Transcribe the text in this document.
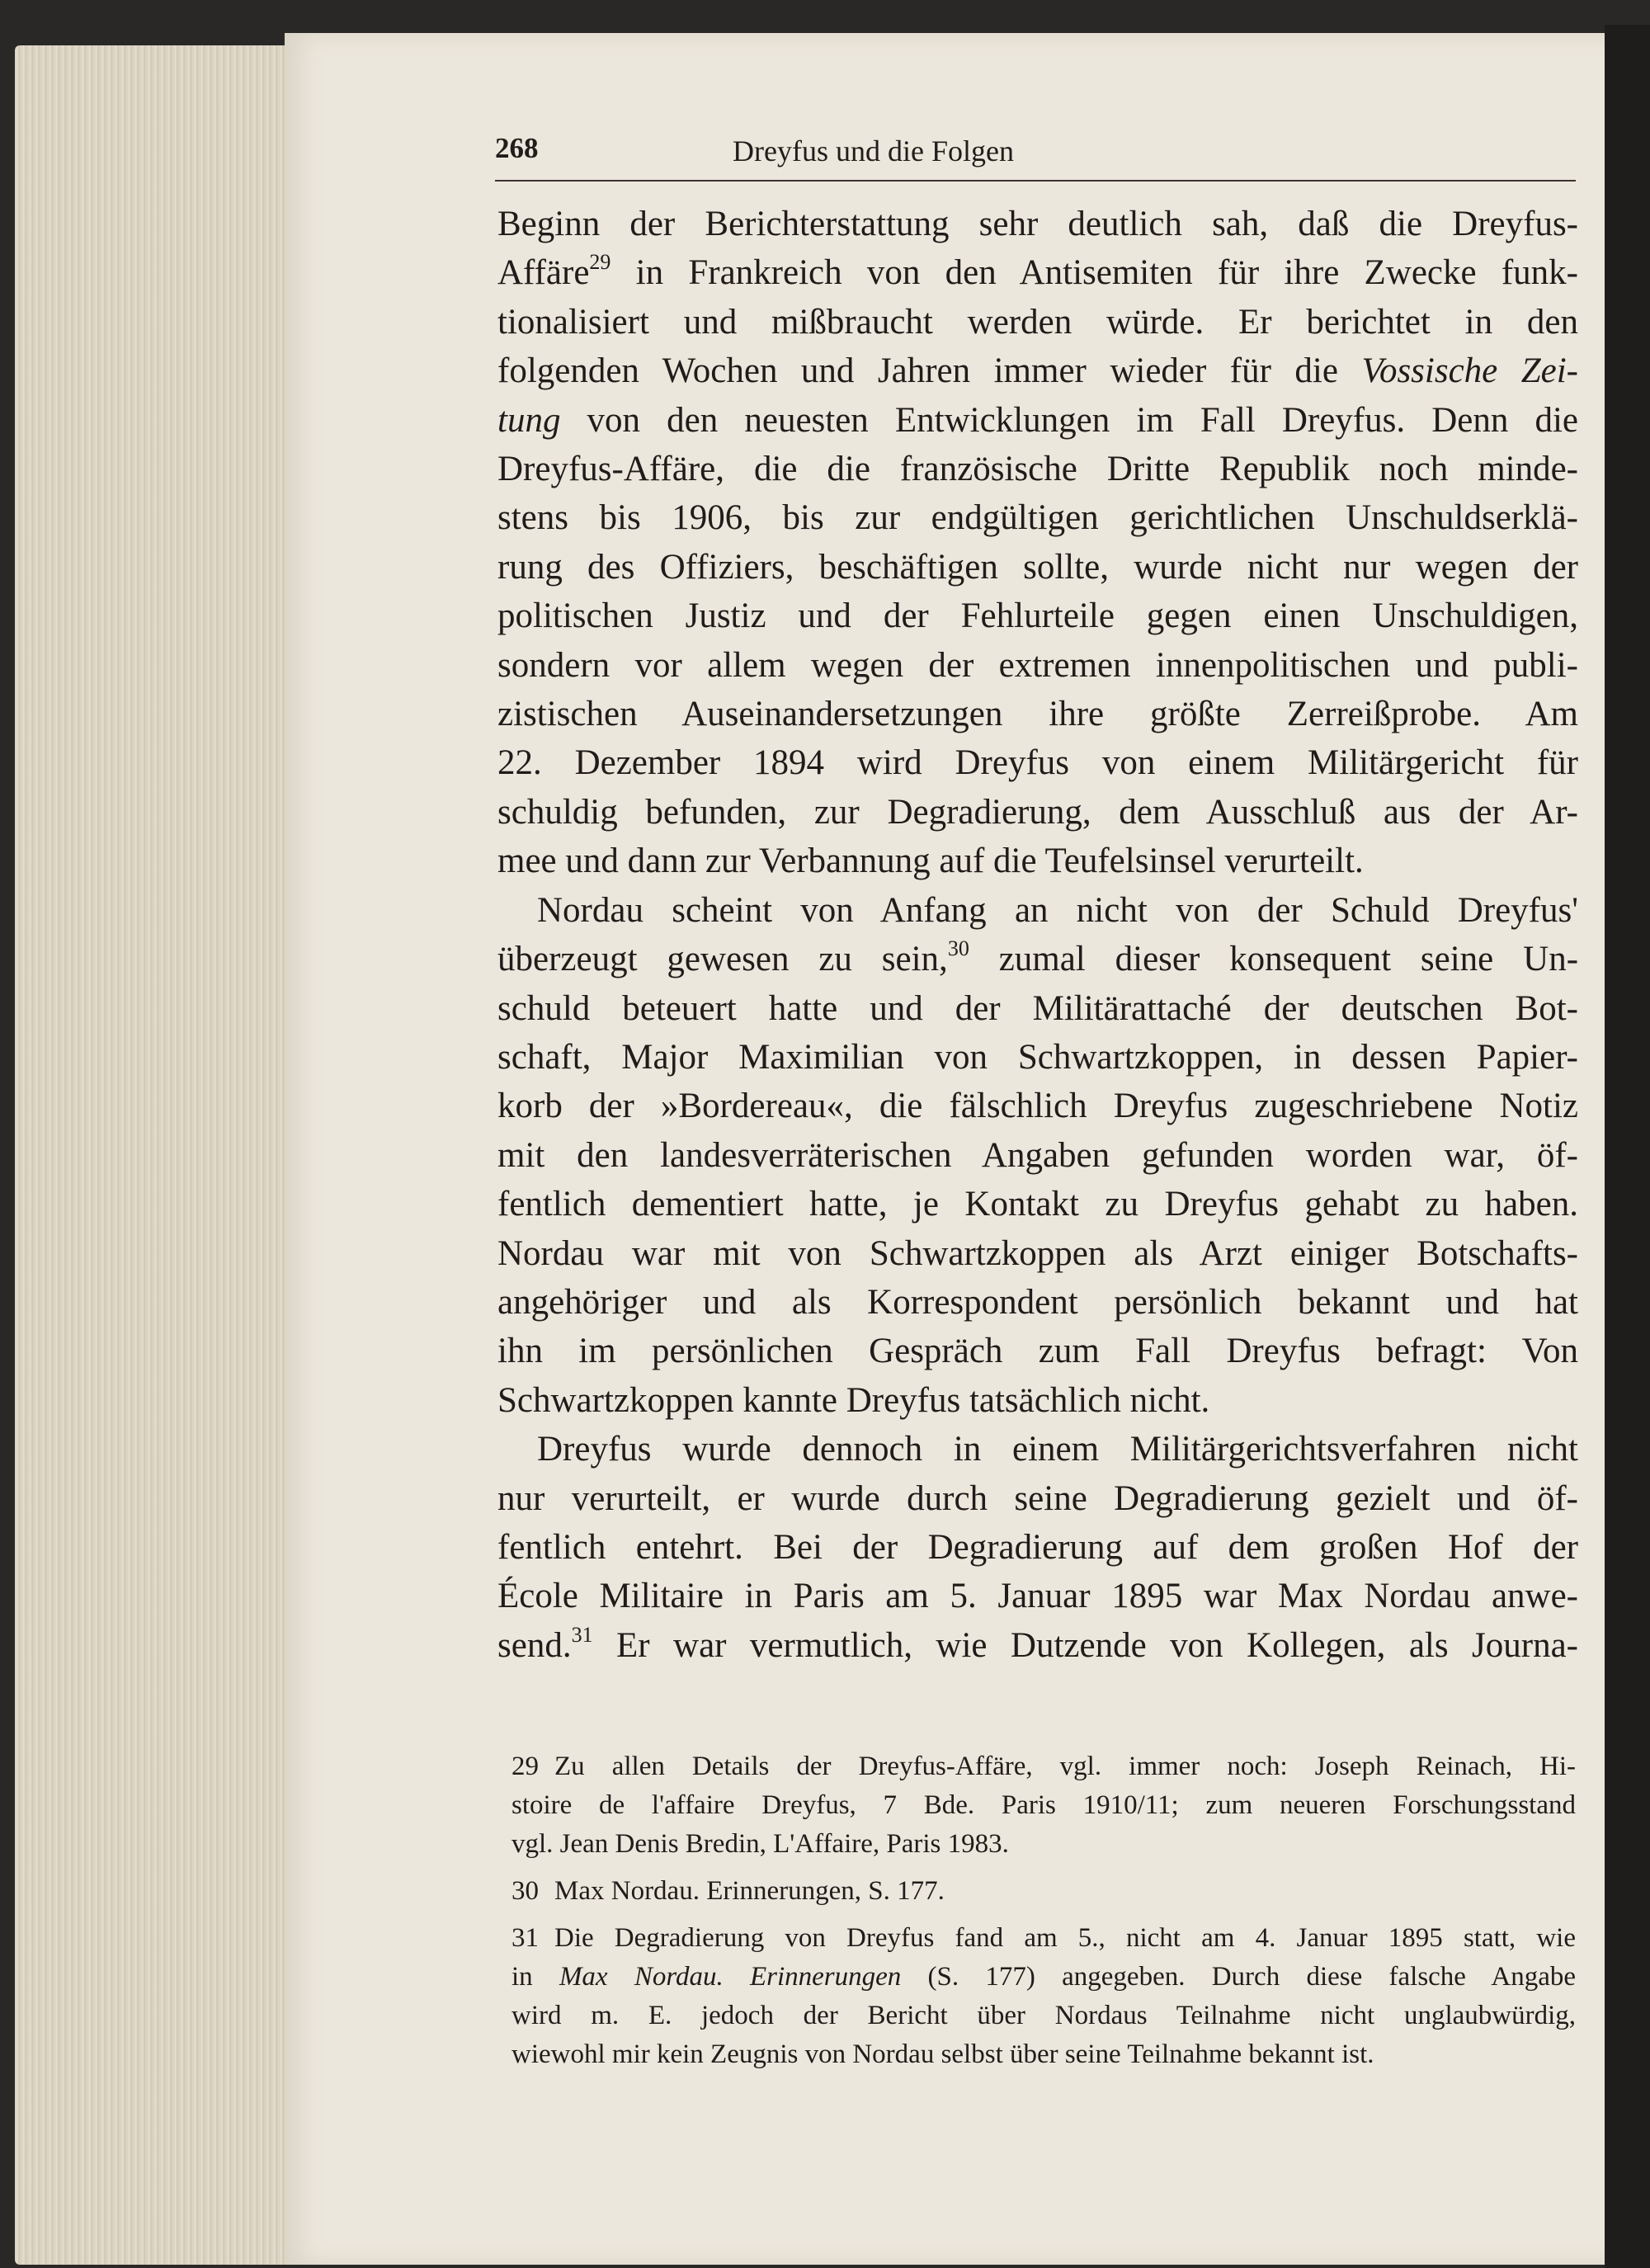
268	Dreyfus und die Folgen
Beginn der Berichterstattung sehr deutlich sah, daß die Dreyfus-
Affäre$^{29}$ in Frankreich von den Antisemiten für ihre Zwecke funk-
tionalisiert und mißbraucht werden würde. Er berichtet in den
folgenden Wochen und Jahren immer wieder für die Vossische Zei-
tung von den neuesten Entwicklungen im Fall Dreyfus. Denn die
Dreyfus-Affäre, die die französische Dritte Republik noch minde-
stens bis 1906, bis zur endgültigen gerichtlichen Unschuldserklä-
rung des Offiziers, beschäftigen sollte, wurde nicht nur wegen der
politischen Justiz und der Fehlurteile gegen einen Unschuldigen,
sondern vor allem wegen der extremen innenpolitischen und publi-
zistischen Auseinandersetzungen ihre größte Zerreißprobe. Am
22. Dezember 1894 wird Dreyfus von einem Militärgericht für
schuldig befunden, zur Degradierung, dem Ausschluß aus der Ar-
mee und dann zur Verbannung auf die Teufelsinsel verurteilt.
Nordau scheint von Anfang an nicht von der Schuld Dreyfus'
überzeugt gewesen zu sein,$^{30}$ zumal dieser konsequent seine Un-
schuld beteuert hatte und der Militärattaché der deutschen Bot-
schaft, Major Maximilian von Schwartzkoppen, in dessen Papier-
korb der »Bordereau«, die fälschlich Dreyfus zugeschriebene Notiz
mit den landesverräterischen Angaben gefunden worden war, öf-
fentlich dementiert hatte, je Kontakt zu Dreyfus gehabt zu haben.
Nordau war mit von Schwartzkoppen als Arzt einiger Botschafts-
angehöriger und als Korrespondent persönlich bekannt und hat
ihn im persönlichen Gespräch zum Fall Dreyfus befragt: Von
Schwartzkoppen kannte Dreyfus tatsächlich nicht.
Dreyfus wurde dennoch in einem Militärgerichtsverfahren nicht
nur verurteilt, er wurde durch seine Degradierung gezielt und öf-
fentlich entehrt. Bei der Degradierung auf dem großen Hof der
École Militaire in Paris am 5. Januar 1895 war Max Nordau anwe-
send.$^{31}$ Er war vermutlich, wie Dutzende von Kollegen, als Journa-
29 Zu allen Details der Dreyfus-Affäre, vgl. immer noch: Joseph Reinach, Hi-
stoire de l'affaire Dreyfus, 7 Bde. Paris 1910/11; zum neueren Forschungsstand
vgl. Jean Denis Bredin, L'Affaire, Paris 1983.
30 Max Nordau. Erinnerungen, S. 177.
31 Die Degradierung von Dreyfus fand am 5., nicht am 4. Januar 1895 statt, wie
in Max Nordau. Erinnerungen (S. 177) angegeben. Durch diese falsche Angabe
wird m. E. jedoch der Bericht über Nordaus Teilnahme nicht unglaubwürdig,
wiewohl mir kein Zeugnis von Nordau selbst über seine Teilnahme bekannt ist.
